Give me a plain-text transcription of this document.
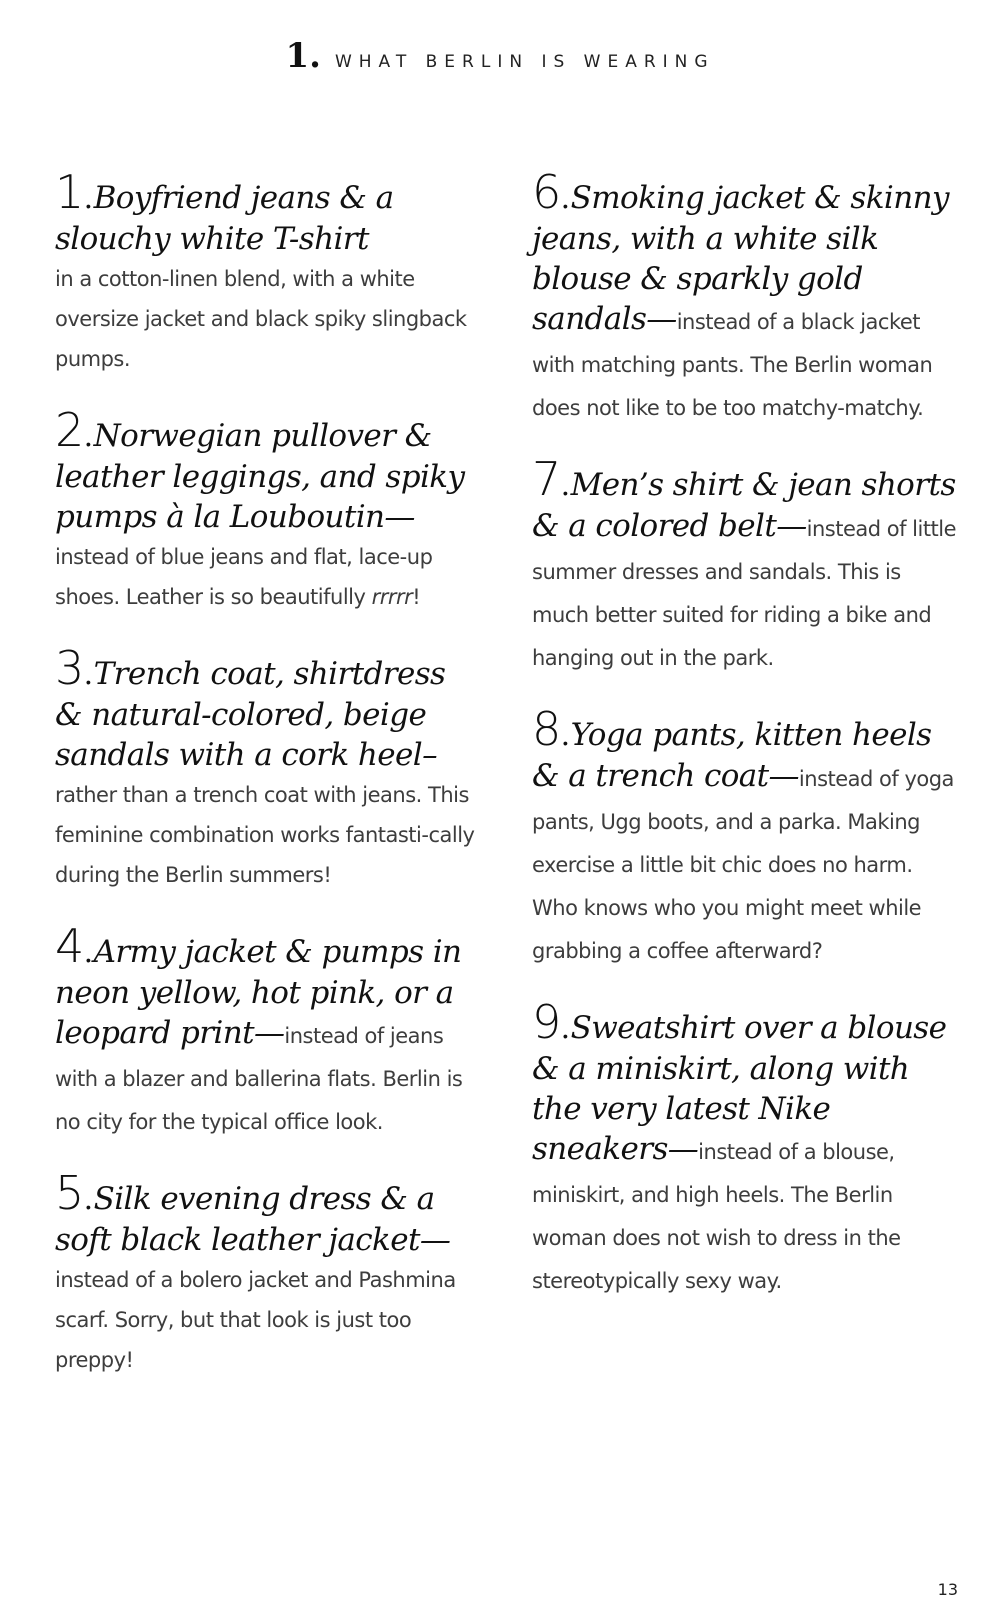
1. WHAT BERLIN IS WEARING

1.Boyfriend jeans & a slouchy white T-shirt
in a cotton-linen blend, with a white oversize jacket and black spiky slingback pumps.

2.Norwegian pullover & leather leggings, and spiky pumps à la Louboutin—
instead of blue jeans and flat, lace-up shoes. Leather is so beautifully rrrrr!

3.Trench coat, shirtdress & natural-colored, beige sandals with a cork heel–
rather than a trench coat with jeans. This feminine combination works fantasti-cally during the Berlin summers!

4.Army jacket & pumps in neon yellow, hot pink, or a leopard print—instead of jeans with a blazer and ballerina flats. Berlin is no city for the typical office look.

5.Silk evening dress & a soft black leather jacket—
instead of a bolero jacket and Pashmina scarf. Sorry, but that look is just too preppy!

6.Smoking jacket & skinny jeans, with a white silk blouse & sparkly gold sandals—instead of a black jacket with matching pants. The Berlin woman does not like to be too matchy-matchy.

7.Men’s shirt & jean shorts & a colored belt—instead of little summer dresses and sandals. This is much better suited for riding a bike and hanging out in the park.

8.Yoga pants, kitten heels & a trench coat—instead of yoga pants, Ugg boots, and a parka. Making exercise a little bit chic does no harm. Who knows who you might meet while grabbing a coffee afterward?

9.Sweatshirt over a blouse & a miniskirt, along with the very latest Nike sneakers—instead of a blouse, miniskirt, and high heels. The Berlin woman does not wish to dress in the stereotypically sexy way.

13
